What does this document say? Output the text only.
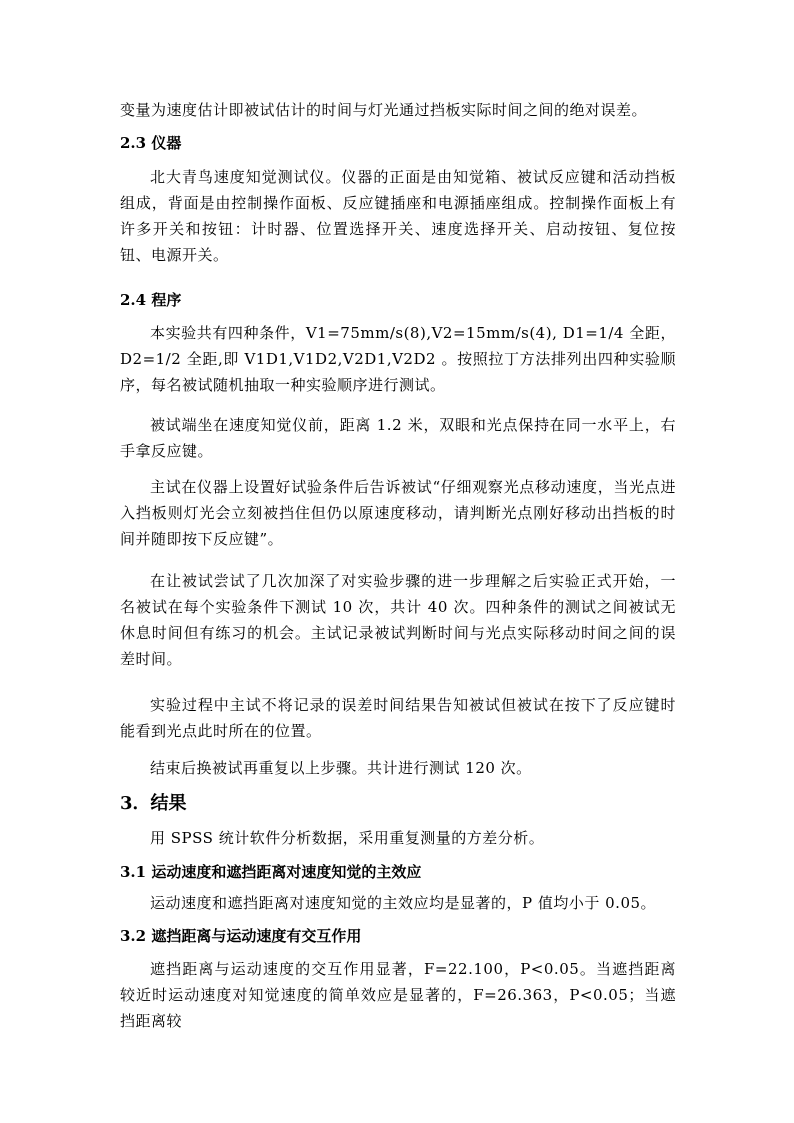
变量为速度估计即被试估计的时间与灯光通过挡板实际时间之间的绝对误差。

2.3 仪器

北大青鸟速度知觉测试仪。仪器的正面是由知觉箱、被试反应键和活动挡板组成，背面是由控制操作面板、反应键插座和电源插座组成。控制操作面板上有许多开关和按钮：计时器、位置选择开关、速度选择开关、启动按钮、复位按钮、电源开关。

2.4 程序

本实验共有四种条件，V1=75mm/s(8),V2=15mm/s(4), D1=1/4 全距，D2=1/2 全距,即 V1D1,V1D2,V2D1,V2D2 。按照拉丁方法排列出四种实验顺序，每名被试随机抽取一种实验顺序进行测试。

被试端坐在速度知觉仪前，距离 1.2 米，双眼和光点保持在同一水平上，右手拿反应键。

主试在仪器上设置好试验条件后告诉被试“仔细观察光点移动速度，当光点进入挡板则灯光会立刻被挡住但仍以原速度移动，请判断光点刚好移动出挡板的时间并随即按下反应键”。

在让被试尝试了几次加深了对实验步骤的进一步理解之后实验正式开始，一名被试在每个实验条件下测试 10 次，共计 40 次。四种条件的测试之间被试无休息时间但有练习的机会。主试记录被试判断时间与光点实际移动时间之间的误差时间。

实验过程中主试不将记录的误差时间结果告知被试但被试在按下了反应键时能看到光点此时所在的位置。

结束后换被试再重复以上步骤。共计进行测试 120 次。

3．结果

用 SPSS 统计软件分析数据，采用重复测量的方差分析。

3.1 运动速度和遮挡距离对速度知觉的主效应

运动速度和遮挡距离对速度知觉的主效应均是显著的，P 值均小于 0.05。

3.2 遮挡距离与运动速度有交互作用

遮挡距离与运动速度的交互作用显著，F=22.100，P<0.05。当遮挡距离较近时运动速度对知觉速度的简单效应是显著的，F=26.363，P<0.05；当遮挡距离较
